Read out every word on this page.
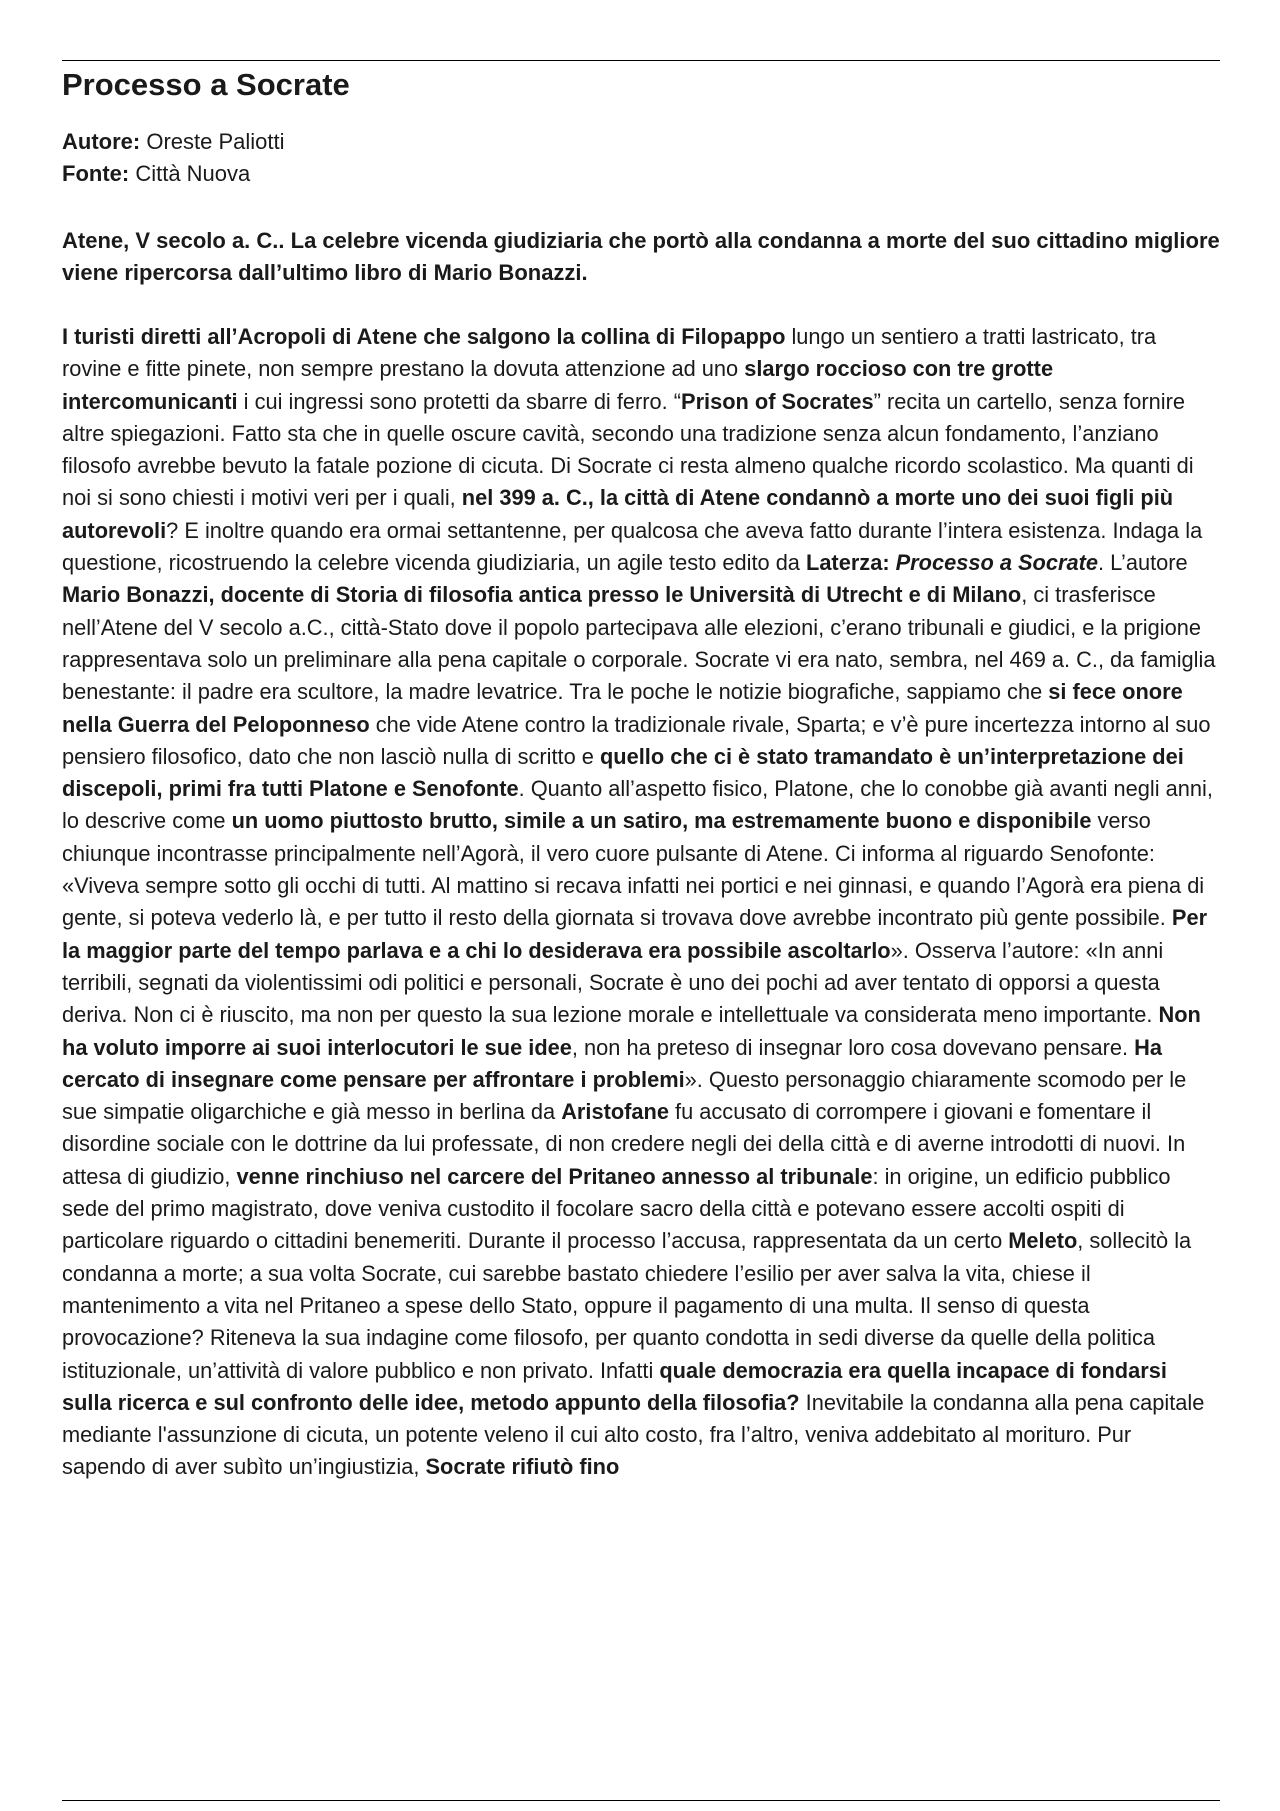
Processo a Socrate
Autore: Oreste Paliotti
Fonte: Città Nuova
Atene, V secolo a. C.. La celebre vicenda giudiziaria che portò alla condanna a morte del suo cittadino migliore viene ripercorsa dall’ultimo libro di Mario Bonazzi.
I turisti diretti all’Acropoli di Atene che salgono la collina di Filopappo lungo un sentiero a tratti lastricato, tra rovine e fitte pinete, non sempre prestano la dovuta attenzione ad uno slargo roccioso con tre grotte intercomunicanti i cui ingressi sono protetti da sbarre di ferro. “Prison of Socrates” recita un cartello, senza fornire altre spiegazioni. Fatto sta che in quelle oscure cavità, secondo una tradizione senza alcun fondamento, l’anziano filosofo avrebbe bevuto la fatale pozione di cicuta. Di Socrate ci resta almeno qualche ricordo scolastico. Ma quanti di noi si sono chiesti i motivi veri per i quali, nel 399 a. C., la città di Atene condannò a morte uno dei suoi figli più autorevoli? E inoltre quando era ormai settantenne, per qualcosa che aveva fatto durante l’intera esistenza. Indaga la questione, ricostruendo la celebre vicenda giudiziaria, un agile testo edito da Laterza: Processo a Socrate. L’autore Mario Bonazzi, docente di Storia di filosofia antica presso le Università di Utrecht e di Milano, ci trasferisce nell’Atene del V secolo a.C., città-Stato dove il popolo partecipava alle elezioni, c’erano tribunali e giudici, e la prigione rappresentava solo un preliminare alla pena capitale o corporale. Socrate vi era nato, sembra, nel 469 a. C., da famiglia benestante: il padre era scultore, la madre levatrice. Tra le poche le notizie biografiche, sappiamo che si fece onore nella Guerra del Peloponneso che vide Atene contro la tradizionale rivale, Sparta; e v’è pure incertezza intorno al suo pensiero filosofico, dato che non lasciò nulla di scritto e quello che ci è stato tramandato è un’interpretazione dei discepoli, primi fra tutti Platone e Senofonte. Quanto all’aspetto fisico, Platone, che lo conobbe già avanti negli anni, lo descrive come un uomo piuttosto brutto, simile a un satiro, ma estremamente buono e disponibile verso chiunque incontrasse principalmente nell’Agorà, il vero cuore pulsante di Atene. Ci informa al riguardo Senofonte: «Viveva sempre sotto gli occhi di tutti. Al mattino si recava infatti nei portici e nei ginnasi, e quando l’Agorà era piena di gente, si poteva vederlo là, e per tutto il resto della giornata si trovava dove avrebbe incontrato più gente possibile. Per la maggior parte del tempo parlava e a chi lo desiderava era possibile ascoltarlo». Osserva l’autore: «In anni terribili, segnati da violentissimi odi politici e personali, Socrate è uno dei pochi ad aver tentato di opporsi a questa deriva. Non ci è riuscito, ma non per questo la sua lezione morale e intellettuale va considerata meno importante. Non ha voluto imporre ai suoi interlocutori le sue idee, non ha preteso di insegnar loro cosa dovevano pensare. Ha cercato di insegnare come pensare per affrontare i problemi». Questo personaggio chiaramente scomodo per le sue simpatie oligarchiche e già messo in berlina da Aristofane fu accusato di corrompere i giovani e fomentare il disordine sociale con le dottrine da lui professate, di non credere negli dei della città e di averne introdotti di nuovi. In attesa di giudizio, venne rinchiuso nel carcere del Pritaneo annesso al tribunale: in origine, un edificio pubblico sede del primo magistrato, dove veniva custodito il focolare sacro della città e potevano essere accolti ospiti di particolare riguardo o cittadini benemeriti. Durante il processo l’accusa, rappresentata da un certo Meleto, sollecitò la condanna a morte; a sua volta Socrate, cui sarebbe bastato chiedere l’esilio per aver salva la vita, chiese il mantenimento a vita nel Pritaneo a spese dello Stato, oppure il pagamento di una multa. Il senso di questa provocazione? Riteneva la sua indagine come filosofo, per quanto condotta in sedi diverse da quelle della politica istituzionale, un’attività di valore pubblico e non privato. Infatti quale democrazia era quella incapace di fondarsi sulla ricerca e sul confronto delle idee, metodo appunto della filosofia? Inevitabile la condanna alla pena capitale mediante l'assunzione di cicuta, un potente veleno il cui alto costo, fra l’altro, veniva addebitato al morituro. Pur sapendo di aver subìto un’ingiustizia, Socrate rifiutò fino
